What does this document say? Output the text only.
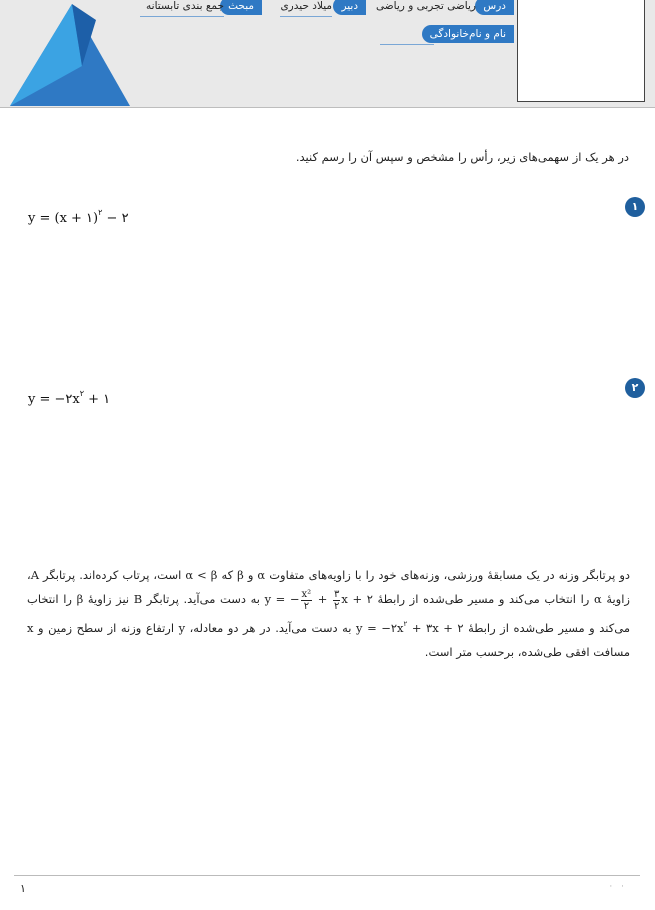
درس
ریاضی تجربی و ریاضی
دبیر
میلاد حیدری
مبحث
جمع بندی تابستانه
نام و نام‌خانوادگی
در هر یک از سهمی‌های زیر، رأس را مشخص و سپس آن را رسم کنید.
۱
y = (x + ۱)$^۲$ − ۲
۲
$y = -۲x^۲$ + ۱
دو پرتابگر وزنه در یک مسابقهٔ ورزشی، وزنه‌های خود را با زاویه‌های متفاوت α و β که α < β است، پرتاب کرده‌اند. پرتابگر A، زاویهٔ α را انتخاب می‌کند و مسیر طی‌شده از رابطهٔ y = − $\frac{\text{x²}}{۲} + \frac{۳}{۲}$ x + ۲ به دست می‌آید. پرتابگر B نیز زاویهٔ β را انتخاب می‌کند و مسیر طی‌شده از رابطهٔ $y = -۲x^۲$ + ۳x + ۲ به دست می‌آید. در هر دو معادله، y ارتفاع وزنه از سطح زمین و x مسافت افقی طی‌شده، برحسب متر است.
۱	· ·
